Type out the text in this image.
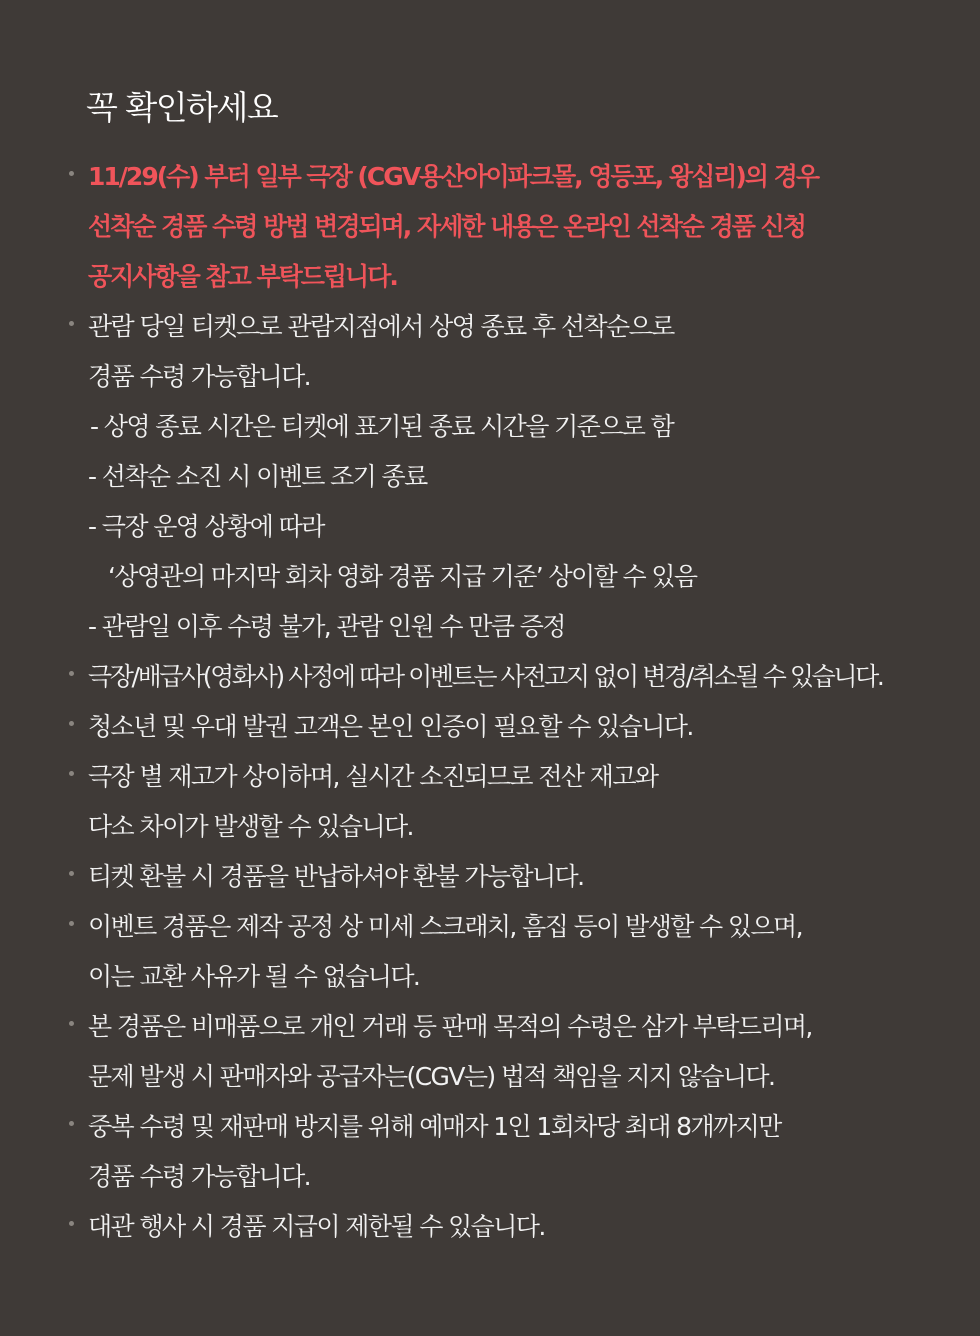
꼭 확인하세요
11/29(수) 부터 일부 극장 (CGV용산아이파크몰, 영등포, 왕십리)의 경우
선착순 경품 수령 방법 변경되며, 자세한 내용은 온라인 선착순 경품 신청
공지사항을 참고 부탁드립니다.
관람 당일 티켓으로 관람지점에서 상영 종료 후 선착순으로
경품 수령 가능합니다.
- 상영 종료 시간은 티켓에 표기된 종료 시간을 기준으로 함
- 선착순 소진 시 이벤트 조기 종료
- 극장 운영 상황에 따라
‘상영관의 마지막 회차 영화 경품 지급 기준’ 상이할 수 있음
- 관람일 이후 수령 불가, 관람 인원 수 만큼 증정
극장/배급사(영화사) 사정에 따라 이벤트는 사전고지 없이 변경/취소될 수 있습니다.
청소년 및 우대 발권 고객은 본인 인증이 필요할 수 있습니다.
극장 별 재고가 상이하며, 실시간 소진되므로 전산 재고와
다소 차이가 발생할 수 있습니다.
티켓 환불 시 경품을 반납하셔야 환불 가능합니다.
이벤트 경품은 제작 공정 상 미세 스크래치, 흠집 등이 발생할 수 있으며,
이는 교환 사유가 될 수 없습니다.
본 경품은 비매품으로 개인 거래 등 판매 목적의 수령은 삼가 부탁드리며,
문제 발생 시 판매자와 공급자는(CGV는) 법적 책임을 지지 않습니다.
중복 수령 및 재판매 방지를 위해 예매자 1인 1회차당 최대 8개까지만
경품 수령 가능합니다.
대관 행사 시 경품 지급이 제한될 수 있습니다.
